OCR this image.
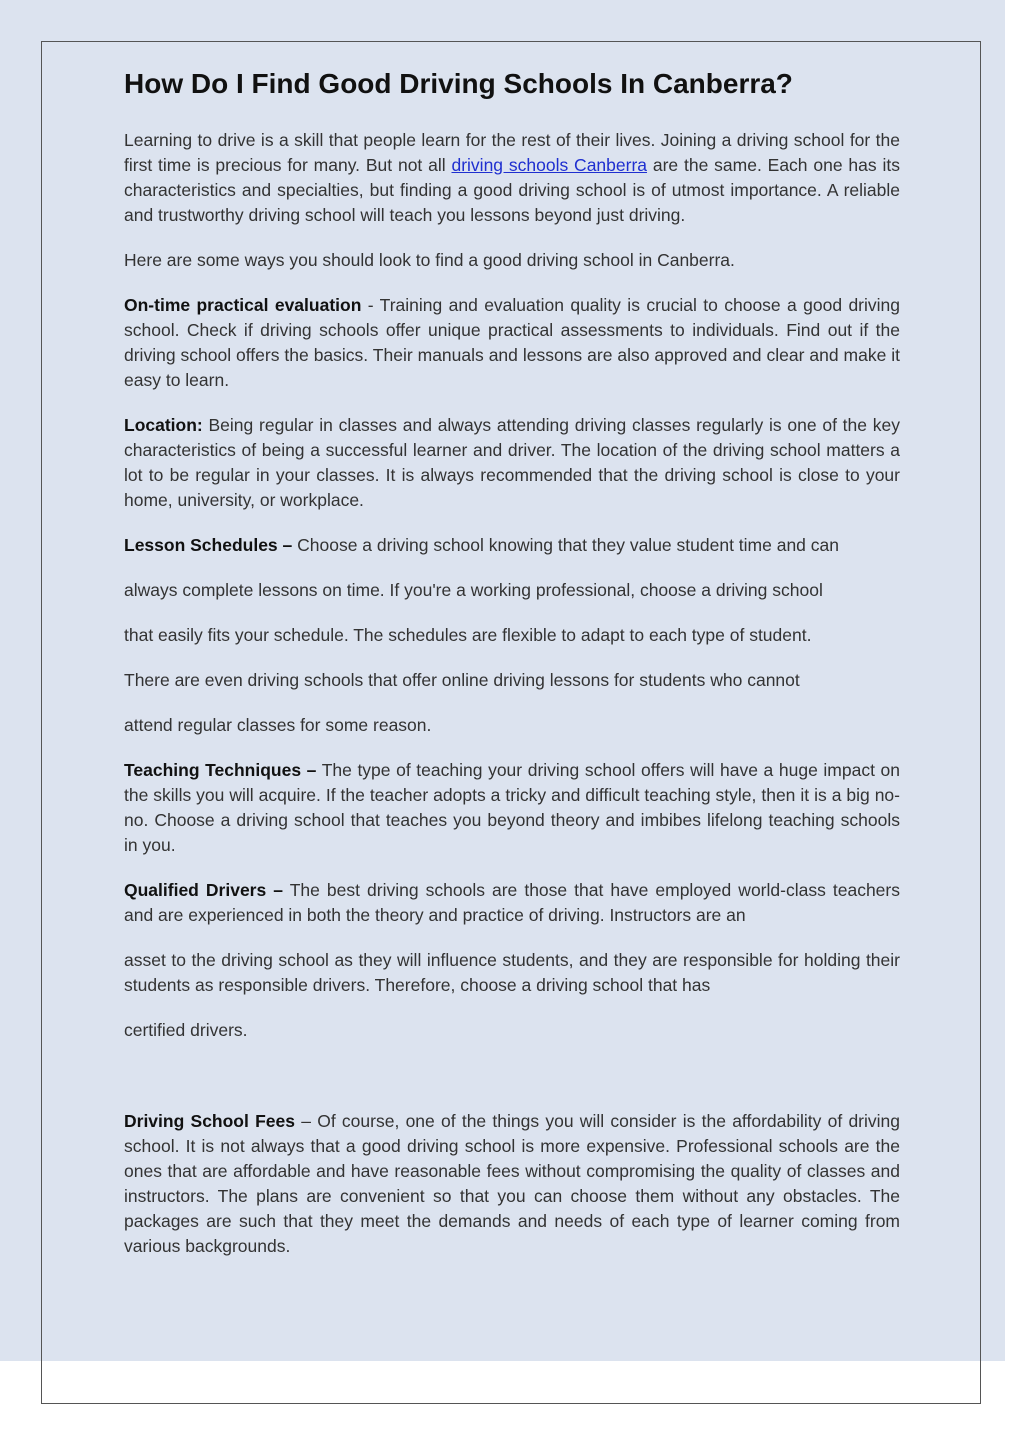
How Do I Find Good Driving Schools In Canberra?

Learning to drive is a skill that people learn for the rest of their lives. Joining a driving school for the first time is precious for many. But not all driving schools Canberra are the same. Each one has its characteristics and specialties, but finding a good driving school is of utmost importance. A reliable and trustworthy driving school will teach you lessons beyond just driving.

Here are some ways you should look to find a good driving school in Canberra.

On-time practical evaluation - Training and evaluation quality is crucial to choose a good driving school. Check if driving schools offer unique practical assessments to individuals. Find out if the driving school offers the basics. Their manuals and lessons are also approved and clear and make it easy to learn.

Location: Being regular in classes and always attending driving classes regularly is one of the key characteristics of being a successful learner and driver. The location of the driving school matters a lot to be regular in your classes. It is always recommended that the driving school is close to your home, university, or workplace.

Lesson Schedules – Choose a driving school knowing that they value student time and can

always complete lessons on time. If you're a working professional, choose a driving school

that easily fits your schedule. The schedules are flexible to adapt to each type of student.

There are even driving schools that offer online driving lessons for students who cannot

attend regular classes for some reason.

Teaching Techniques – The type of teaching your driving school offers will have a huge impact on the skills you will acquire. If the teacher adopts a tricky and difficult teaching style, then it is a big no-no. Choose a driving school that teaches you beyond theory and imbibes lifelong teaching schools in you.

Qualified Drivers – The best driving schools are those that have employed world-class teachers and are experienced in both the theory and practice of driving. Instructors are an

asset to the driving school as they will influence students, and they are responsible for holding their students as responsible drivers. Therefore, choose a driving school that has

certified drivers.

Driving School Fees – Of course, one of the things you will consider is the affordability of driving school. It is not always that a good driving school is more expensive. Professional schools are the ones that are affordable and have reasonable fees without compromising the quality of classes and instructors. The plans are convenient so that you can choose them without any obstacles. The packages are such that they meet the demands and needs of each type of learner coming from various backgrounds.
